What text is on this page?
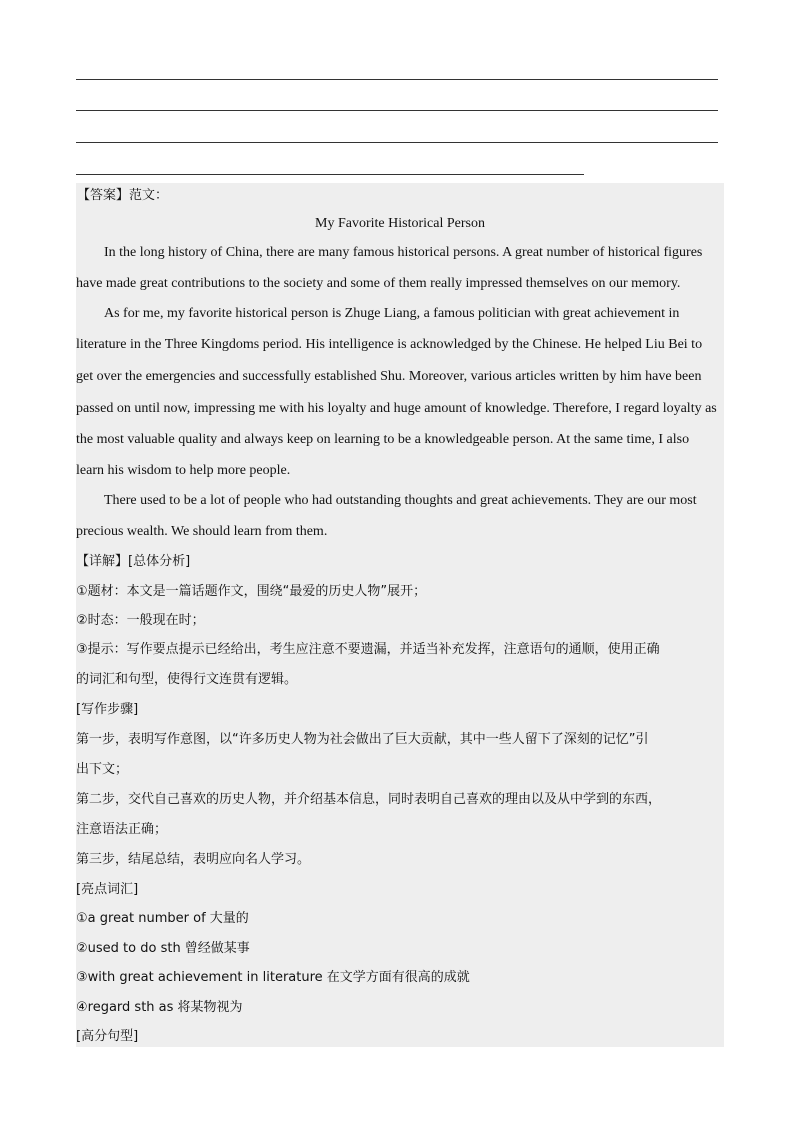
【答案】范文：
My Favorite Historical Person
In the long history of China, there are many famous historical persons. A great number of historical figures
have made great contributions to the society and some of them really impressed themselves on our memory.
As for me, my favorite historical person is Zhuge Liang, a famous politician with great achievement in
literature in the Three Kingdoms period. His intelligence is acknowledged by the Chinese. He helped Liu Bei to
get over the emergencies and successfully established Shu. Moreover, various articles written by him have been
passed on until now, impressing me with his loyalty and huge amount of knowledge. Therefore, I regard loyalty as
the most valuable quality and always keep on learning to be a knowledgeable person. At the same time, I also
learn his wisdom to help more people.
There used to be a lot of people who had outstanding thoughts and great achievements. They are our most
precious wealth. We should learn from them.
【详解】[总体分析]
①题材：本文是一篇话题作文，围绕“最爱的历史人物”展开；
②时态：一般现在时；
③提示：写作要点提示已经给出，考生应注意不要遗漏，并适当补充发挥，注意语句的通顺，使用正确
的词汇和句型，使得行文连贯有逻辑。
[写作步骤]
第一步，表明写作意图，以“许多历史人物为社会做出了巨大贡献，其中一些人留下了深刻的记忆”引
出下文；
第二步，交代自己喜欢的历史人物，并介绍基本信息，同时表明自己喜欢的理由以及从中学到的东西，
注意语法正确；
第三步，结尾总结，表明应向名人学习。
[亮点词汇]
①a great number of 大量的
②used to do sth 曾经做某事
③with great achievement in literature 在文学方面有很高的成就
④regard sth as 将某物视为
[高分句型]
